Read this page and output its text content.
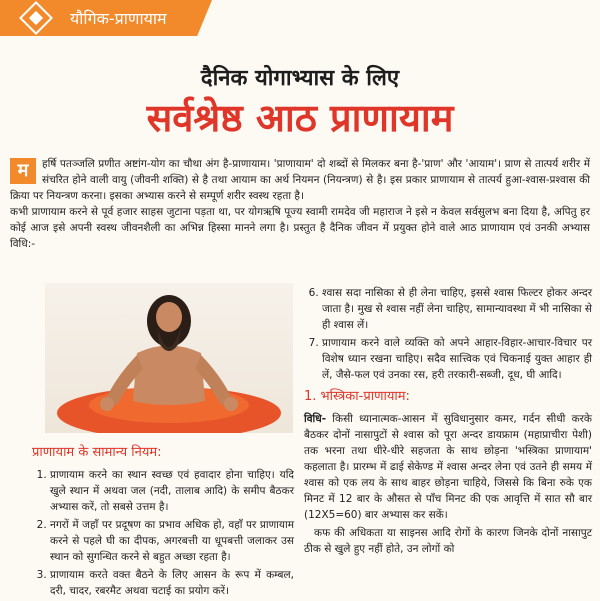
यौगिक-प्राणायाम
दैनिक योगाभ्यास के लिए
सर्वश्रेष्ठ आठ प्राणायाम
म	हर्षि पतञ्जलि प्रणीत अष्टांग-योग का चौथा अंग है-प्राणायाम। 'प्राणायाम' दो शब्दों से मिलकर बना है-'प्राण' और 'आयाम'। प्राण से तात्पर्य शरीर में संचरित होने वाली वायु (जीवनी शक्ति) से है तथा आयाम का अर्थ नियमन (नियन्त्रण) से है। इस प्रकार प्राणायाम से तात्पर्य हुआ-श्वास-प्रश्वास की क्रिया पर नियन्त्रण करना। इसका अभ्यास करने से सम्पूर्ण शरीर स्वस्थ रहता है।
कभी प्राणायाम करने से पूर्व हजार साहस जुटाना पड़ता था, पर योगऋषि पूज्य स्वामी रामदेव जी महाराज ने इसे न केवल सर्वसुलभ बना दिया है, अपितु हर कोई आज इसे अपनी स्वस्थ जीवनशैली का अभिन्न हिस्सा मानने लगा है। प्रस्तुत है दैनिक जीवन में प्रयुक्त होने वाले आठ प्राणायाम एवं उनकी अभ्यास विधि:-
6. श्वास सदा नासिका से ही लेना चाहिए, इससे श्वास फिल्टर होकर अन्दर जाता है। मुख से श्वास नहीं लेना चाहिए, सामान्यावस्था में भी नासिका से ही श्वास लें।
7. प्राणायाम करने वाले व्यक्ति को अपने आहार-विहार-आचार-विचार पर विशेष ध्यान रखना चाहिए। सदैव सात्त्विक एवं चिकनाई युक्त आहार ही लें, जैसे-फल एवं उनका रस, हरी तरकारी-सब्जी, दूध, घी आदि।
1. भस्त्रिका-प्राणायाम:

विधि- किसी ध्यानात्मक-आसन में सुविधानुसार कमर, गर्दन सीधी करके बैठकर दोनों नासापुटों से श्वास को पूरा अन्दर डायफ्राम (महाप्राचीरा पेशी) तक भरना तथा धीरे-धीरे सहजता के साथ छोड़ना 'भस्त्रिका प्राणायाम' कहलाता है। प्रारम्भ में ढाई सेकेण्ड में श्वास अन्दर लेना एवं उतने ही समय में श्वास को एक लय के साथ बाहर छोड़ना चाहिये, जिससे कि बिना रुके एक मिनट में 12 बार के औसत से पाँच मिनट की एक आवृत्ति में सात सौ बार (12X5=60) बार अभ्यास कर सकें।

कफ की अधिकता या साइनस आदि रोगों के कारण जिनके दोनों नासापुट ठीक से खुले हुए नहीं होते, उन लोगों को

प्राणायाम के सामान्य नियम:
1. प्राणायाम करने का स्थान स्वच्छ एवं हवादार होना चाहिए। यदि खुले स्थान में अथवा जल (नदी, तालाब आदि) के समीप बैठकर अभ्यास करें, तो सबसे उत्तम है।
2. नगरों में जहाँ पर प्रदूषण का प्रभाव अधिक हो, वहाँ पर प्राणायाम करने से पहले घी का दीपक, अगरबत्ती या धूपबत्ती जलाकर उस स्थान को सुगन्धित करने से बहुत अच्छा रहता है।
3. प्राणायाम करते वक्त बैठने के लिए आसन के रूप में कम्बल, दरी, चादर, रबरमैट अथवा चटाई का प्रयोग करें।
